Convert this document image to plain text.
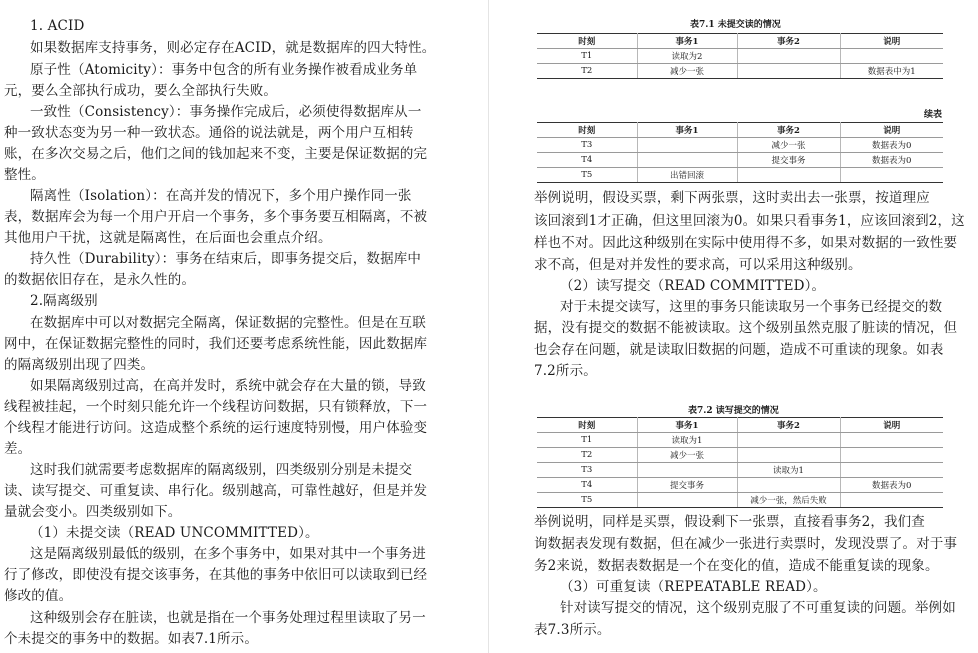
1. ACID
如果数据库支持事务，则必定存在ACID，就是数据库的四大特性。
原子性（Atomicity）：事务中包含的所有业务操作被看成业务单
元，要么全部执行成功，要么全部执行失败。
一致性（Consistency）：事务操作完成后，必须使得数据库从一
种一致状态变为另一种一致状态。通俗的说法就是，两个用户互相转
账，在多次交易之后，他们之间的钱加起来不变，主要是保证数据的完
整性。
隔离性（Isolation）：在高并发的情况下，多个用户操作同一张
表，数据库会为每一个用户开启一个事务，多个事务要互相隔离，不被
其他用户干扰，这就是隔离性，在后面也会重点介绍。
持久性（Durability）：事务在结束后，即事务提交后，数据库中
的数据依旧存在，是永久性的。
2.隔离级别
在数据库中可以对数据完全隔离，保证数据的完整性。但是在互联
网中，在保证数据完整性的同时，我们还要考虑系统性能，因此数据库
的隔离级别出现了四类。
如果隔离级别过高，在高并发时，系统中就会存在大量的锁，导致
线程被挂起，一个时刻只能允许一个线程访问数据，只有锁释放，下一
个线程才能进行访问。这造成整个系统的运行速度特别慢，用户体验变
差。
这时我们就需要考虑数据库的隔离级别，四类级别分别是未提交
读、读写提交、可重复读、串行化。级别越高，可靠性越好，但是并发
量就会变小。四类级别如下。
（1）未提交读（READ UNCOMMITTED）。
这是隔离级别最低的级别，在多个事务中，如果对其中一个事务进
行了修改，即使没有提交该事务，在其他的事务中依旧可以读取到已经
修改的值。
这种级别会存在脏读，也就是指在一个事务处理过程里读取了另一
个未提交的事务中的数据。如表7.1所示。
表7.1 未提交读的情况
时刻	事务1	事务2	说明
T1	读取为2		
T2	减少一张		数据表中为1
续表
时刻	事务1	事务2	说明
T3		减少一张	数据表为0
T4		提交事务	数据表为0
T5	出错回滚		
举例说明，假设买票，剩下两张票，这时卖出去一张票，按道理应
该回滚到1才正确，但这里回滚为0。如果只看事务1，应该回滚到2，这
样也不对。因此这种级别在实际中使用得不多，如果对数据的一致性要
求不高，但是对并发性的要求高，可以采用这种级别。
（2）读写提交（READ COMMITTED）。
对于未提交读写，这里的事务只能读取另一个事务已经提交的数
据，没有提交的数据不能被读取。这个级别虽然克服了脏读的情况，但
也会存在问题，就是读取旧数据的问题，造成不可重读的现象。如表
7.2所示。
表7.2 读写提交的情况
时刻	事务1	事务2	说明
T1	读取为1		
T2	减少一张		
T3		读取为1	
T4	提交事务		数据表为0
T5		减少一张，然后失败	
举例说明，同样是买票，假设剩下一张票，直接看事务2，我们查
询数据表发现有数据，但在减少一张进行卖票时，发现没票了。对于事
务2来说，数据表数据是一个在变化的值，造成不能重复读的现象。
（3）可重复读（REPEATABLE READ）。
针对读写提交的情况，这个级别克服了不可重复读的问题。举例如
表7.3所示。
